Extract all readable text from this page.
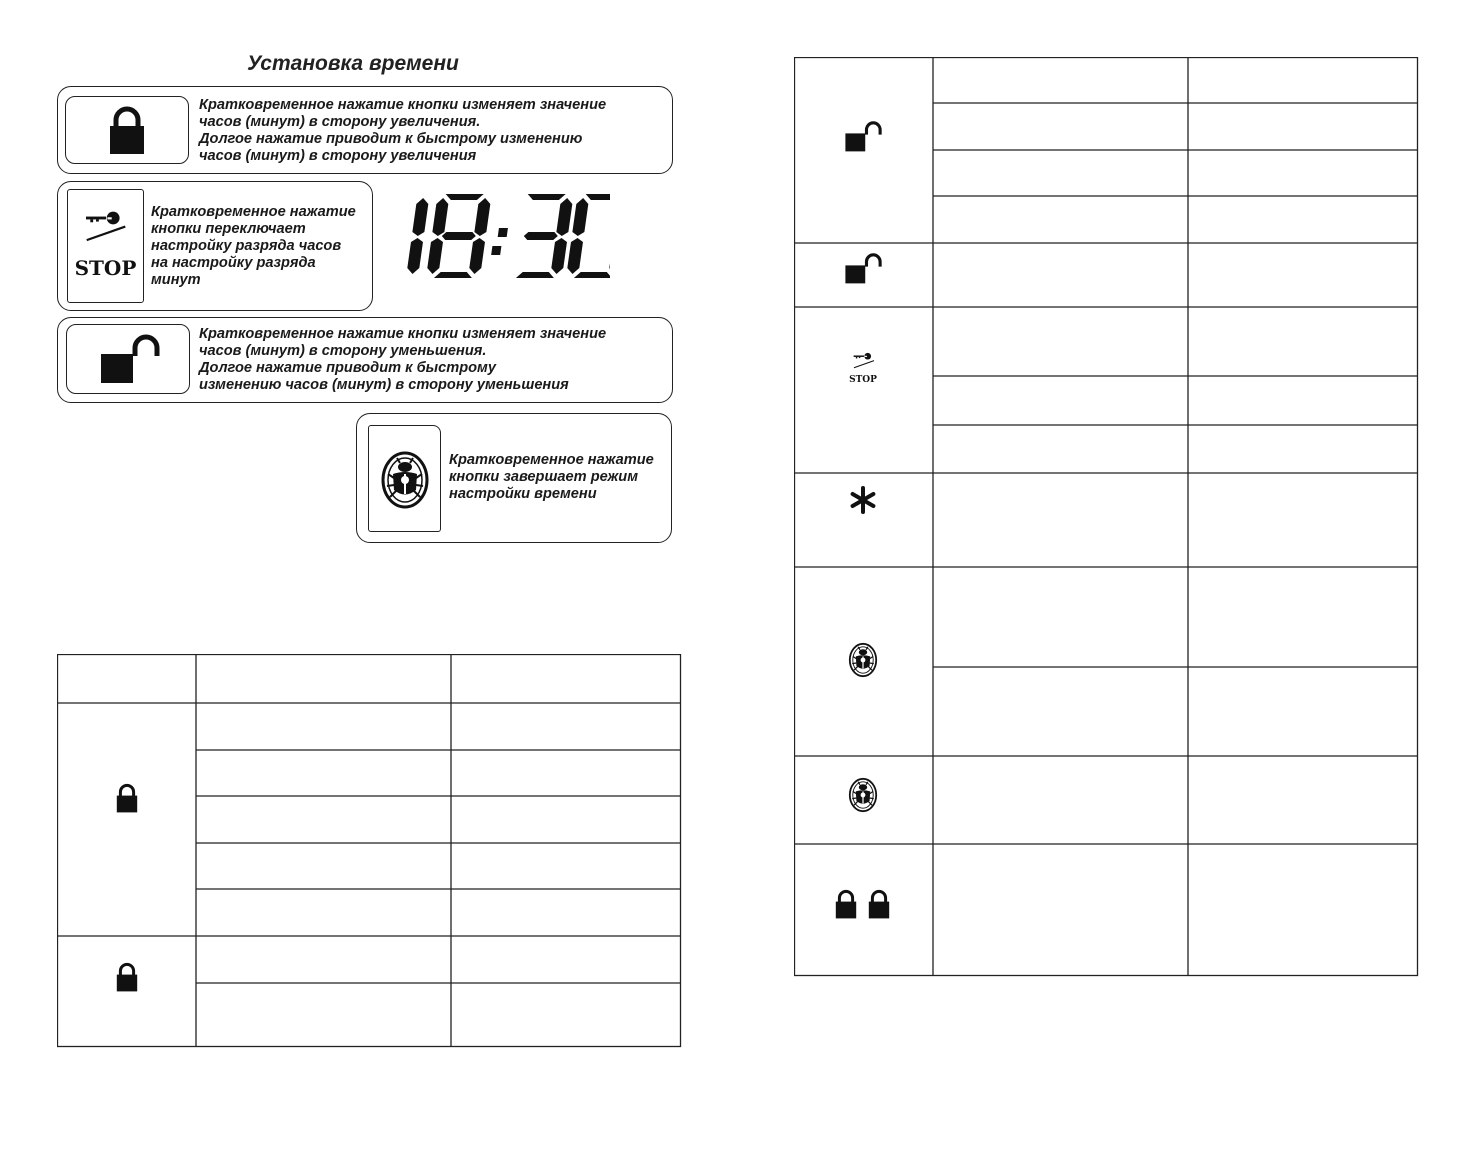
Установка времени
Кратковременное нажатие кнопки изменяет значение
часов (минут) в сторону увеличения.
Долгое нажатие приводит к быстрому изменению
часов (минут) в сторону увеличения
STOP
Кратковременное нажатие
кнопки переключает
настройку разряда часов
на настройку разряда
минут
Кратковременное нажатие кнопки изменяет значение
часов (минут) в сторону уменьшения.
Долгое нажатие приводит к быстрому
изменению часов (минут) в сторону уменьшения
Кратковременное нажатие
кнопки завершает режим
настройки времени
STOP
